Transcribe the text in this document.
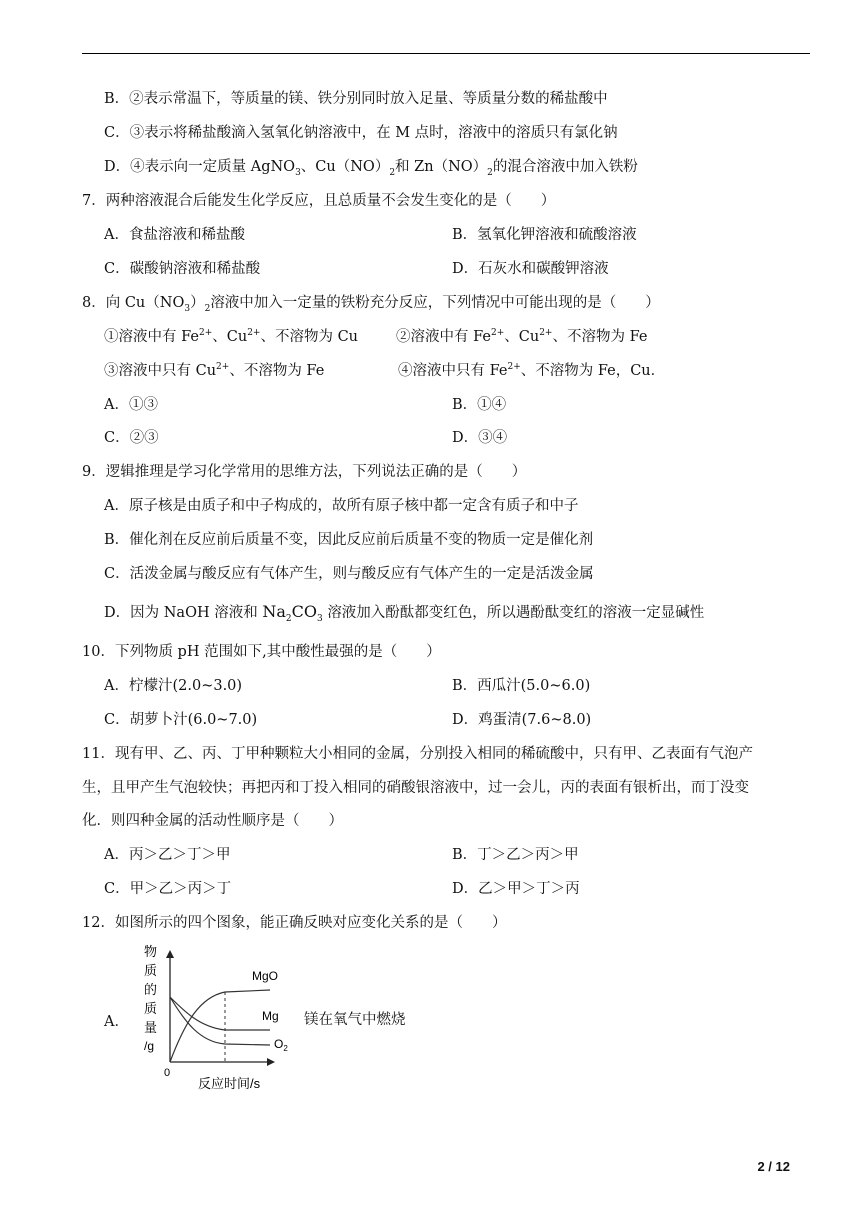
B．②表示常温下，等质量的镁、铁分别同时放入足量、等质量分数的稀盐酸中
C．③表示将稀盐酸滴入氢氧化钠溶液中，在 M 点时，溶液中的溶质只有氯化钠
D．④表示向一定质量 AgNO$_3$、$Cu(NO)_2$和 $Zn(NO)_2$的混合溶液中加入铁粉
7．两种溶液混合后能发生化学反应，且总质量不会发生变化的是（　　）
A．食盐溶液和稀盐酸	B．氢氧化钾溶液和硫酸溶液
C．碳酸钠溶液和稀盐酸	D．石灰水和碳酸钾溶液
8．向 $Cu(NO_3)_2$溶液中加入一定量的铁粉充分反应，下列情况中可能出现的是（　　）
①溶液中有 $Fe^{2+}$、$Cu^{2+}$、不溶物为 Cu	②溶液中有 $Fe^{2+}$、$Cu^{2+}$、不溶物为 Fe
③溶液中只有 $Cu^{2+}$、不溶物为 Fe	④溶液中只有 $Fe^{2+}$、不溶物为 Fe，Cu．
A．①③	B．①④
C．②③	D．③④
9．逻辑推理是学习化学常用的思维方法，下列说法正确的是（　　）
A．原子核是由质子和中子构成的，故所有原子核中都一定含有质子和中子
B．催化剂在反应前后质量不变，因此反应前后质量不变的物质一定是催化剂
C．活泼金属与酸反应有气体产生，则与酸反应有气体产生的一定是活泼金属
D．因为 NaOH 溶液和 $Na_2CO_3$ 溶液加入酚酞都变红色，所以遇酚酞变红的溶液一定显碱性
10．下列物质 pH 范围如下,其中酸性最强的是（　　）
A．柠檬汁(2.0~3.0)	B．西瓜汁(5.0~6.0)
C．胡萝卜汁(6.0~7.0)	D．鸡蛋清(7.6~8.0)
11．现有甲、乙、丙、丁甲种颗粒大小相同的金属，分别投入相同的稀硫酸中，只有甲、乙表面有气泡产
生，且甲产生气泡较快；再把丙和丁投入相同的硝酸银溶液中，过一会儿，丙的表面有银析出，而丁没变
化．则四种金属的活动性顺序是（　　）
A．丙＞乙＞丁＞甲	B．丁＞乙＞丙＞甲
C．甲＞乙＞丙＞丁	D．乙＞甲＞丁＞丙
12．如图所示的四个图象，能正确反映对应变化关系的是（　　）
A．
物
质
的
质
量
/g
0
反应时间/s
MgO
Mg
$O_2$
镁在氧气中燃烧
2 / 12
